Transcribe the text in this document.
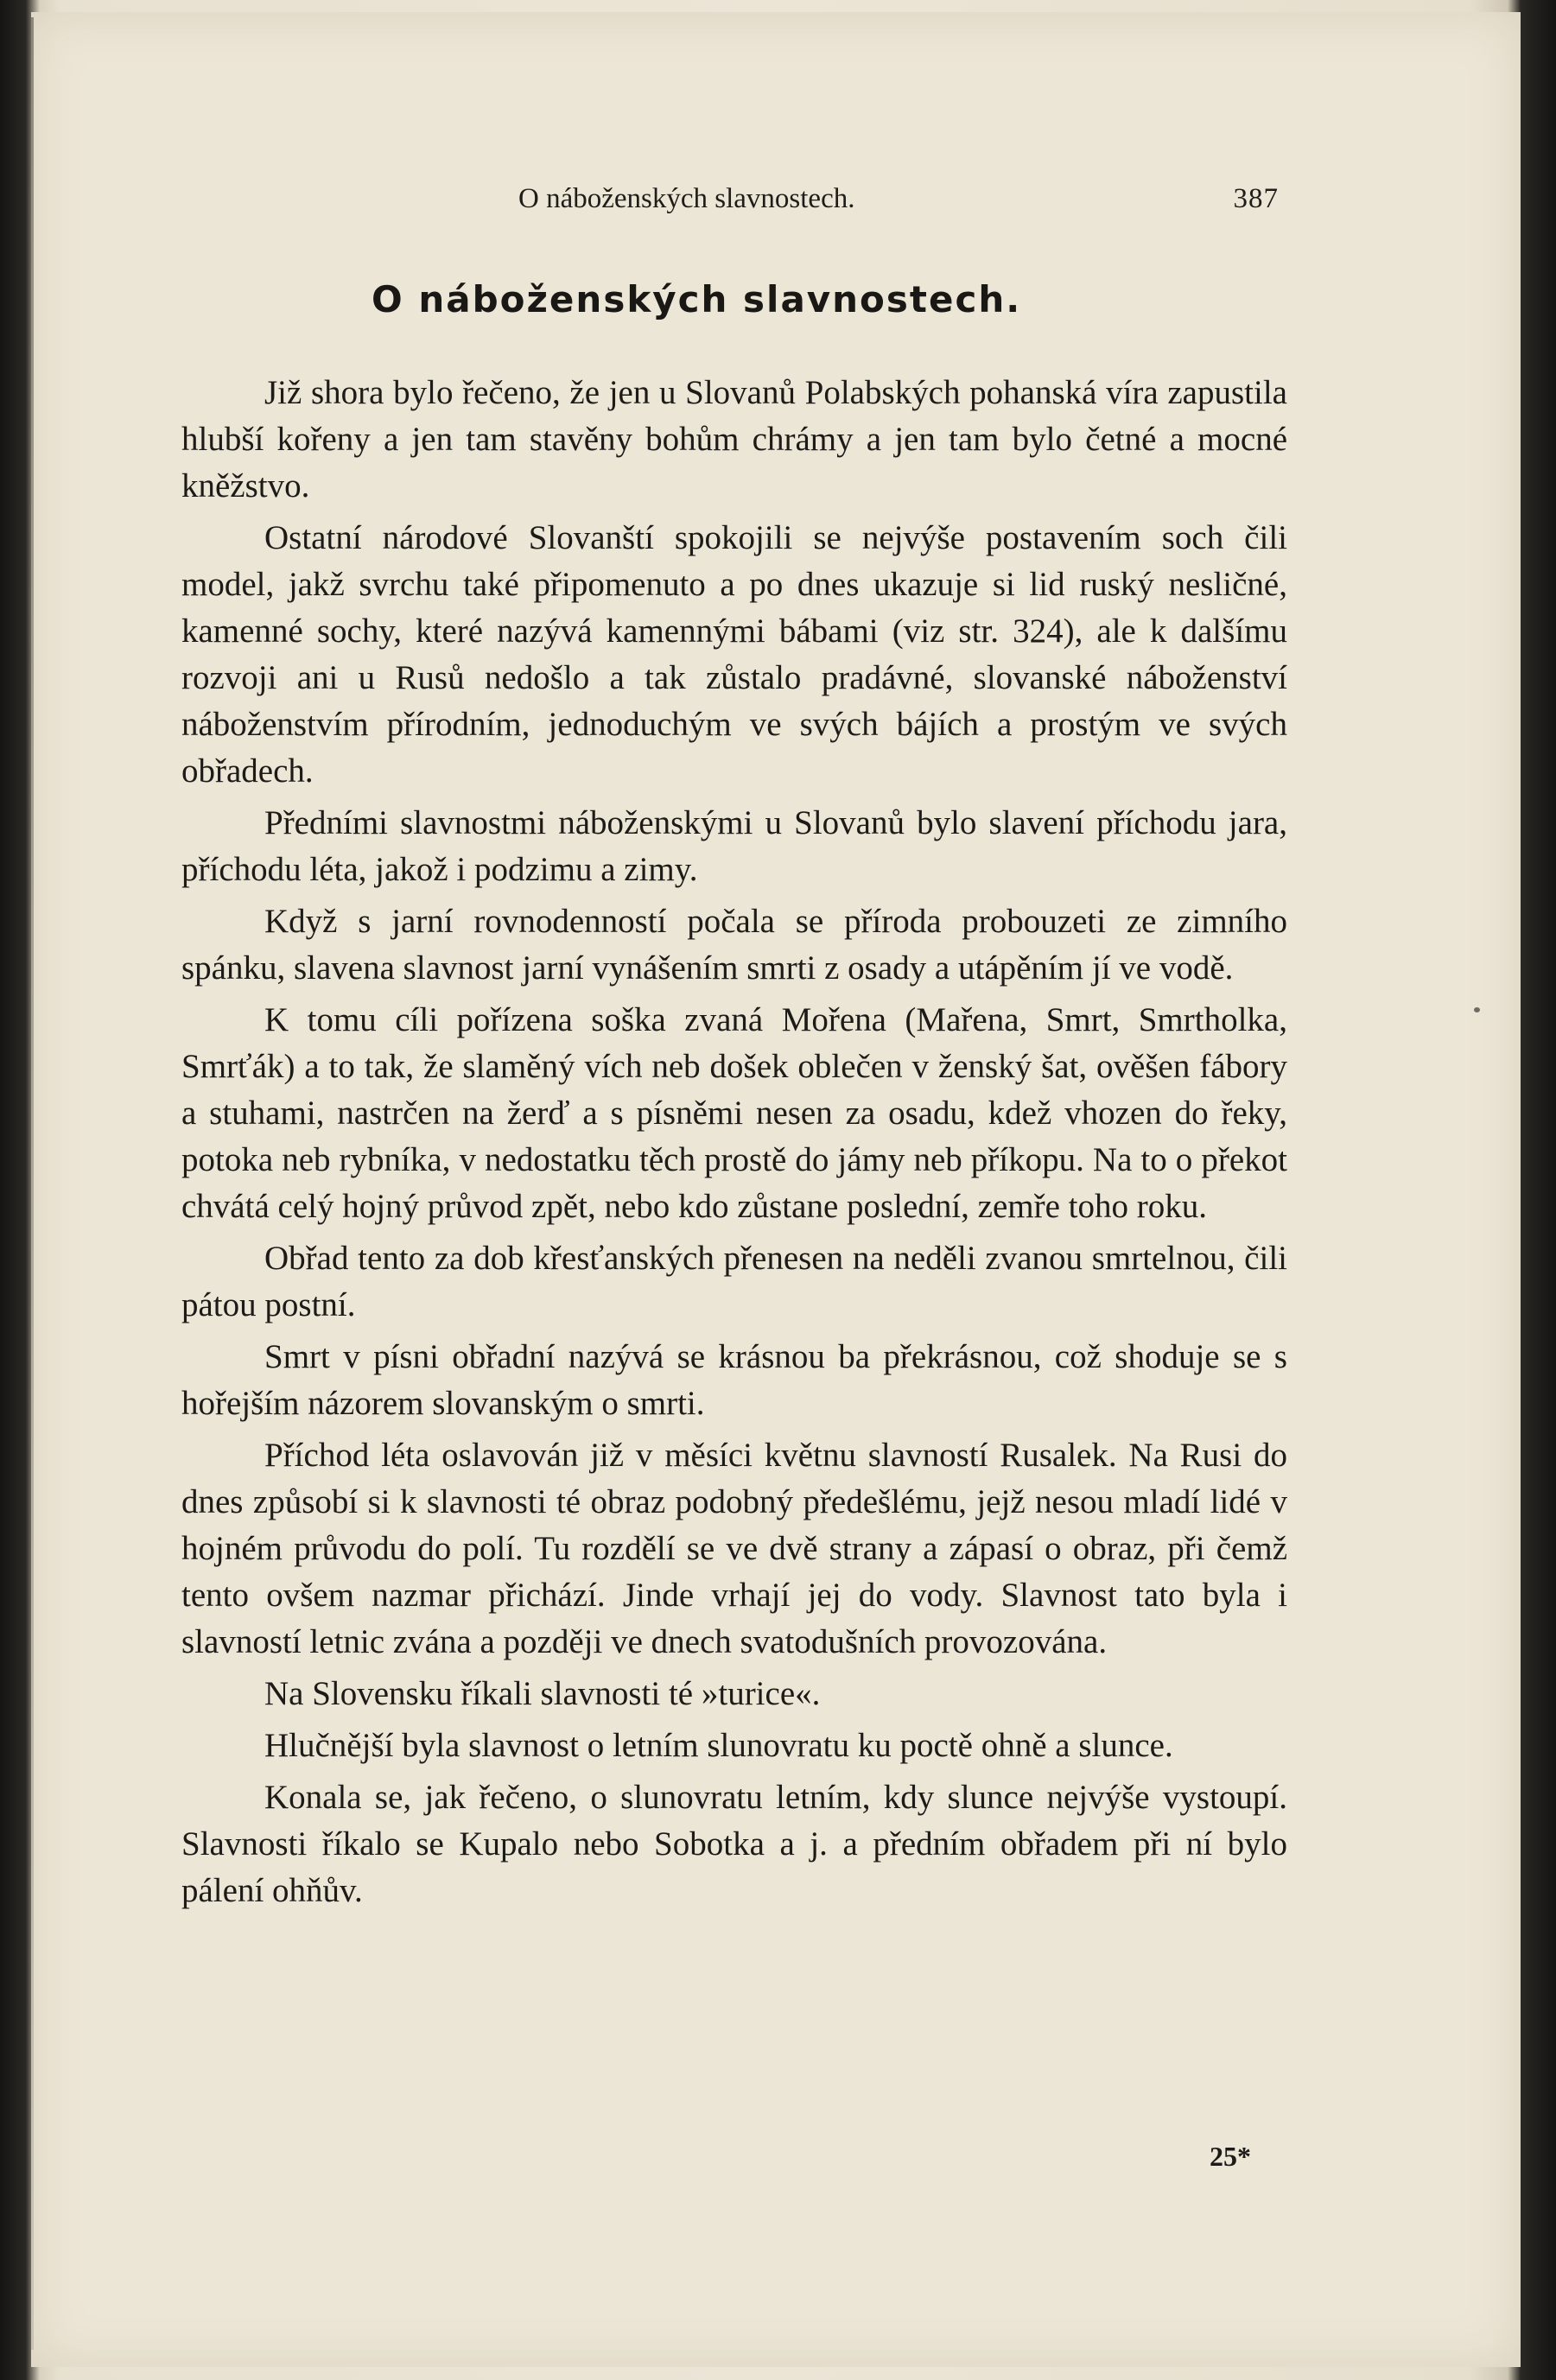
O náboženských slavnostech.	387
O náboženských slavnostech.

Již shora bylo řečeno, že jen u Slovanů Polabských pohanská víra zapustila hlubší kořeny a jen tam stavěny bohům chrámy a jen tam bylo četné a mocné kněžstvo.

Ostatní národové Slovanští spokojili se nejvýše postavením soch čili model, jakž svrchu také připomenuto a po dnes ukazuje si lid ruský nesličné, kamenné sochy, které nazývá kamennými bábami (viz str. 324), ale k dalšímu rozvoji ani u Rusů nedošlo a tak zůstalo pradávné, slovanské náboženství náboženstvím přírodním, jednoduchým ve svých bájích a prostým ve svých obřadech.

Předními slavnostmi náboženskými u Slovanů bylo slavení příchodu jara, příchodu léta, jakož i podzimu a zimy.

Když s jarní rovnodenností počala se příroda probouzeti ze zimního spánku, slavena slavnost jarní vynášením smrti z osady a utápěním jí ve vodě.

K tomu cíli pořízena soška zvaná Mořena (Mařena, Smrt, Smrtholka, Smrťák) a to tak, že slaměný vích neb došek oblečen v ženský šat, ověšen fábory a stuhami, nastrčen na žerď a s písněmi nesen za osadu, kdež vhozen do řeky, potoka neb rybníka, v nedostatku těch prostě do jámy neb příkopu. Na to o překot chvátá celý hojný průvod zpět, nebo kdo zůstane poslední, zemře toho roku.

Obřad tento za dob křesťanských přenesen na neděli zvanou smrtelnou, čili pátou postní.

Smrt v písni obřadní nazývá se krásnou ba překrásnou, což shoduje se s hořejším názorem slovanským o smrti.

Příchod léta oslavován již v měsíci květnu slavností Rusalek. Na Rusi do dnes způsobí si k slavnosti té obraz podobný předešlému, jejž nesou mladí lidé v hojném průvodu do polí. Tu rozdělí se ve dvě strany a zápasí o obraz, při čemž tento ovšem nazmar přichází. Jinde vrhají jej do vody. Slavnost tato byla i slavností letnic zvána a později ve dnech svatodušních provozována.

Na Slovensku říkali slavnosti té »turice«.

Hlučnější byla slavnost o letním slunovratu ku poctě ohně a slunce.

Konala se, jak řečeno, o slunovratu letním, kdy slunce nejvýše vystoupí. Slavnosti říkalo se Kupalo nebo Sobotka a j. a předním obřadem při ní bylo pálení ohňův.

25*
